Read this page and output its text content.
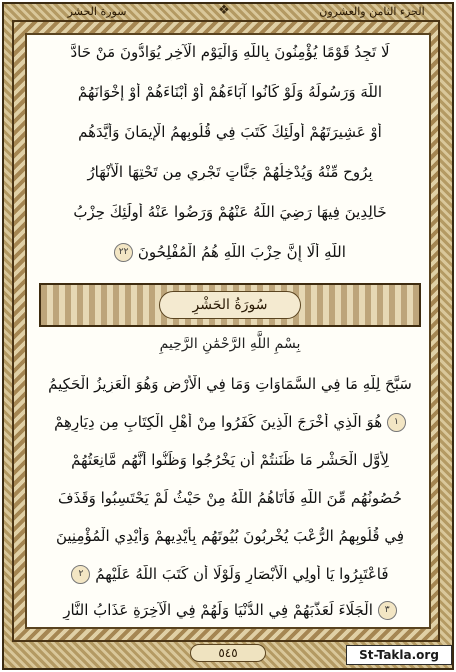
الجزء الثامن والعشرون
❖
سورة الحشر
لَا تَجِدُ قَوْمًا يُؤْمِنُونَ بِاللَّهِ وَالْيَوْمِ الْآخِرِ يُوَادُّونَ مَنْ حَادَّ
اللَّهَ وَرَسُولَهُ وَلَوْ كَانُوا آبَاءَهُمْ أَوْ أَبْنَاءَهُمْ أَوْ إِخْوَانَهُمْ
أَوْ عَشِيرَتَهُمْ أُولَٰئِكَ كَتَبَ فِي قُلُوبِهِمُ الْإِيمَانَ وَأَيَّدَهُم
بِرُوحٍ مِّنْهُ وَيُدْخِلُهُمْ جَنَّاتٍ تَجْرِي مِن تَحْتِهَا الْأَنْهَارُ
خَالِدِينَ فِيهَا رَضِيَ اللَّهُ عَنْهُمْ وَرَضُوا عَنْهُ أُولَٰئِكَ حِزْبُ
اللَّهِ أَلَا إِنَّ حِزْبَ اللَّهِ هُمُ الْمُفْلِحُونَ ٢٢
سُورَةُ الحَشْرِ
بِسْمِ اللَّهِ الرَّحْمَٰنِ الرَّحِيمِ
سَبَّحَ لِلَّهِ مَا فِي السَّمَاوَاتِ وَمَا فِي الْأَرْضِ وَهُوَ الْعَزِيزُ الْحَكِيمُ
١ هُوَ الَّذِي أَخْرَجَ الَّذِينَ كَفَرُوا مِنْ أَهْلِ الْكِتَابِ مِن دِيَارِهِمْ
لِأَوَّلِ الْحَشْرِ مَا ظَنَنتُمْ أَن يَخْرُجُوا وَظَنُّوا أَنَّهُم مَّانِعَتُهُمْ
حُصُونُهُم مِّنَ اللَّهِ فَأَتَاهُمُ اللَّهُ مِنْ حَيْثُ لَمْ يَحْتَسِبُوا وَقَذَفَ
فِي قُلُوبِهِمُ الرُّعْبَ يُخْرِبُونَ بُيُوتَهُم بِأَيْدِيهِمْ وَأَيْدِي الْمُؤْمِنِينَ
فَاعْتَبِرُوا يَا أُولِي الْأَبْصَارِ وَلَوْلَا أَن كَتَبَ اللَّهُ عَلَيْهِمُ ٢
٣ الْجَلَاءَ لَعَذَّبَهُمْ فِي الدُّنْيَا وَلَهُمْ فِي الْآخِرَةِ عَذَابُ النَّارِ
٥٤٥	St-Takla.org
